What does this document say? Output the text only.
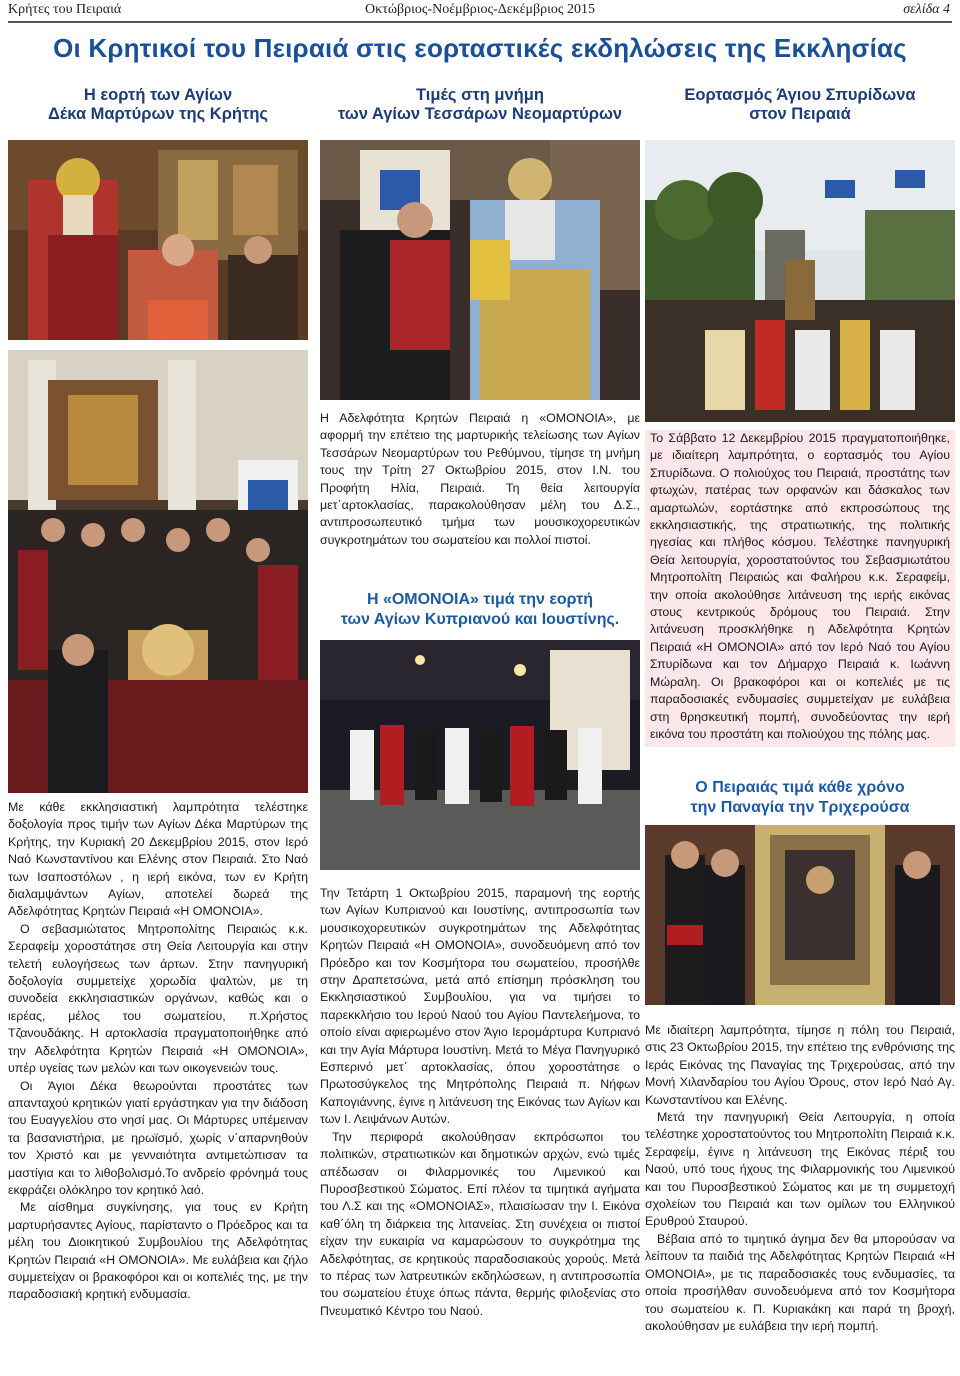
Κρήτες του Πειραιά	Οκτώβριος-Νοέμβριος-Δεκέμβριος 2015	σελίδα 4
Οι Κρητικοί του Πειραιά στις εορταστικές εκδηλώσεις της Εκκλησίας
Η εορτή των Αγίων
Δέκα Μαρτύρων της Κρήτης
Τιμές στη μνήμη
των Αγίων Τεσσάρων Νεομαρτύρων
Εορτασμός Άγιου Σπυρίδωνα
στον Πειραιά

Με κάθε εκκλησιαστική λαμπρότητα τελέστηκε δοξολογία προς τιμήν των Αγίων Δέκα Μαρτύρων της Κρήτης, την Κυριακή 20 Δεκεμβρίου 2015, στον Ιερό Ναό Κωνσταντίνου και Ελένης στον Πειραιά. Στο Ναό των Ισαποστόλων , η ιερή εικόνα, των εν Κρήτη διαλαμψάντων Αγίων, αποτελεί δωρεά της Αδελφότητας Κρητών Πειραιά «Η ΟΜΟΝΟΙΑ».

Ο σεβασμιώτατος Μητροπολίτης Πειραιώς κ.κ. Σεραφείμ χοροστάτησε στη Θεία Λειτουργία και στην τελετή ευλογήσεως των άρτων. Στην πανηγυρική δοξολογία συμμετείχε χορωδία ψαλτών, με τη συνοδεία εκκλησιαστικών οργάνων, καθώς και ο ιερέας, μέλος του σωματείου, π.Χρήστος Τζανουδάκης. Η αρτοκλασία πραγματοποιήθηκε από την Αδελφότητα Κρητών Πειραιά «Η ΟΜΟΝΟΙΑ», υπέρ υγείας των μελών και των οικογενειών τους.

Οι Άγιοι Δέκα θεωρούνται προστάτες των απανταχού κρητικών γιατί εργάστηκαν για την διάδοση του Ευαγγελίου στο νησί μας. Οι Μάρτυρες υπέμειναν τα βασανιστήρια, με ηρωϊσμό, χωρίς ν΄απαρνηθούν τον Χριστό και με γενναιότητα αντιμετώπισαν τα μαστίγια και το λιθοβολισμό.Το ανδρείο φρόνημά τους εκφράζει ολόκληρο τον κρητικό λαό.

Με αίσθημα συγκίνησης, για τους εν Κρήτη μαρτυρήσαντες Αγίους, παρίσταντο ο Πρόεδρος και τα μέλη του Διοικητικού Συμβουλίου της Αδελφότητας Κρητών Πειραιά «Η ΟΜΟΝΟΙΑ». Με ευλάβεια και ζήλο συμμετείχαν οι βρακοφόροι και οι κοπελιές της, με την παραδοσιακή κρητική ενδυμασία.

Η Αδελφότητα Κρητών Πειραιά η «ΟΜΟΝΟΙΑ», με αφορμή την επέτειο της μαρτυρικής τελείωσης των Αγίων Τεσσάρων Νεομαρτύρων του Ρεθύμνου, τίμησε τη μνήμη τους την Τρίτη 27 Οκτωβρίου 2015, στον Ι.Ν. του Προφήτη Ηλία, Πειραιά. Τη θεία λειτουργία μετ΄αρτοκλασίας, παρακολούθησαν μέλη του Δ.Σ., αντιπροσωπευτικό τμήμα των μουσικοχορευτικών συγκροτημάτων του σωματείου και πολλοί πιστοί.

Η «ΟΜΟΝΟΙΑ» τιμά την εορτή
των Αγίων Κυπριανού και Ιουστίνης.

Την Τετάρτη 1 Οκτωβρίου 2015, παραμονή της εορτής των Αγίων Κυπριανού και Ιουστίνης, αντιπροσωπία των μουσικοχορευτικών συγκροτημάτων της Αδελφότητας Κρητών Πειραιά «Η ΟΜΟΝΟΙΑ», συνοδευόμενη από τον Πρόεδρο και τον Κοσμήτορα του σωματείου, προσήλθε στην Δραπετσώνα, μετά από επίσημη πρόσκληση του Εκκλησιαστικού Συμβουλίου, για να τιμήσει το παρεκκλήσιο του Ιερού Ναού του Αγίου Παντελεήμονα, το οποίο είναι αφιερωμένο στον Άγιο Ιερομάρτυρα Κυπριανό και την Αγία Μάρτυρα Ιουστίνη. Μετά το Μέγα Πανηγυρικό Εσπερινό μετ΄ αρτοκλασίας, όπου χοροστάτησε ο Πρωτοσύγκελος της Μητρόπολης Πειραιά π. Νήφων Καπογιάννης, έγινε η λιτάνευση της Εικόνας των Αγίων και των Ι. Λειψάνων Αυτών.

Την περιφορά ακολούθησαν εκπρόσωποι του πολιτικών, στρατιωτικών και δημοτικών αρχών, ενώ τιμές απέδωσαν οι Φιλαρμονικές του Λιμενικού και Πυροσβεστικού Σώματος. Επί πλέον τα τιμητικά αγήματα του Λ.Σ και της «ΟΜΟΝΟΙΑΣ», πλαισίωσαν την Ι. Εικόνα καθ΄όλη τη διάρκεια της λιτανείας. Στη συνέχεια οι πιστοί είχαν την ευκαιρία να καμαρώσουν το συγκρότημα της Αδελφότητας, σε κρητικούς παραδοσιακούς χορούς. Μετά το πέρας των λατρευτικών εκδηλώσεων, η αντιπροσωπία του σωματείου έτυχε όπως πάντα, θερμής φιλοξενίας στο Πνευματικό Κέντρο του Ναού.

Το Σάββατο 12 Δεκεμβρίου 2015 πραγματοποιήθηκε, με ιδιαίτερη λαμπρότητα, ο εορτασμός του Αγίου Σπυρίδωνα. Ο πολιούχος του Πειραιά, προστάτης των φτωχών, πατέρας των ορφανών και δάσκαλος των αμαρτωλών, εορτάστηκε από εκπροσώπους της εκκλησιαστικής, της στρατιωτικής, της πολιτικής ηγεσίας και πλήθος κόσμου. Τελέστηκε πανηγυρική Θεία λειτουργία, χοροστατούντος του Σεβασμιωτάτου Μητροπολίτη Πειραιώς και Φαλήρου κ.κ. Σεραφείμ, την οποία ακολούθησε λιτάνευση της ιερής εικόνας στους κεντρικούς δρόμους του Πειραιά. Στην λιτάνευση προσκλήθηκε η Αδελφότητα Κρητών Πειραιά «Η ΟΜΟΝΟΙΑ» από τον Ιερό Ναό του Αγίου Σπυρίδωνα και τον Δήμαρχο Πειραιά κ. Ιωάννη Μώραλη. Οι βρακοφόροι και οι κοπελιές με τις παραδοσιακές ενδυμασίες συμμετείχαν με ευλάβεια στη θρησκευτική πομπή, συνοδεύοντας την ιερή εικόνα του προστάτη και πολιούχου της πόλης μας.

Ο Πειραιάς τιμά κάθε χρόνο
την Παναγία την Τριχερούσα

Με ιδιαίτερη λαμπρότητα, τίμησε η πόλη του Πειραιά, στις 23 Οκτωβρίου 2015, την επέτειο της ενθρόνισης της Ιεράς Εικόνας της Παναγίας της Τριχερούσας, από την Μονή Χιλανδαρίου του Αγίου Όρους, στον Ιερό Ναό Αγ. Κωνσταντίνου και Ελένης.

Μετά την πανηγυρική Θεία Λειτουργία, η οποία τελέστηκε χοροστατούντος του Μητροπολίτη Πειραιά κ.κ. Σεραφείμ, έγινε η λιτάνευση της Εικόνας πέριξ του Ναού, υπό τους ήχους της Φιλαρμονικής του Λιμενικού και του Πυροσβεστικού Σώματος και με τη συμμετοχή σχολείων του Πειραιά και των ομίλων του Ελληνικού Ερυθρού Σταυρού.

Βέβαια από το τιμητικό άγημα δεν θα μπορούσαν να λείπουν τα παιδιά της Αδελφότητας Κρητών Πειραιά «Η ΟΜΟΝΟΙΑ», με τις παραδοσιακές τους ενδυμασίες, τα οποία προσήλθαν συνοδευόμενα από τον Κοσμήτορα του σωματείου κ. Π. Κυριακάκη και παρά τη βροχή, ακολούθησαν με ευλάβεια την ιερή πομπή.
